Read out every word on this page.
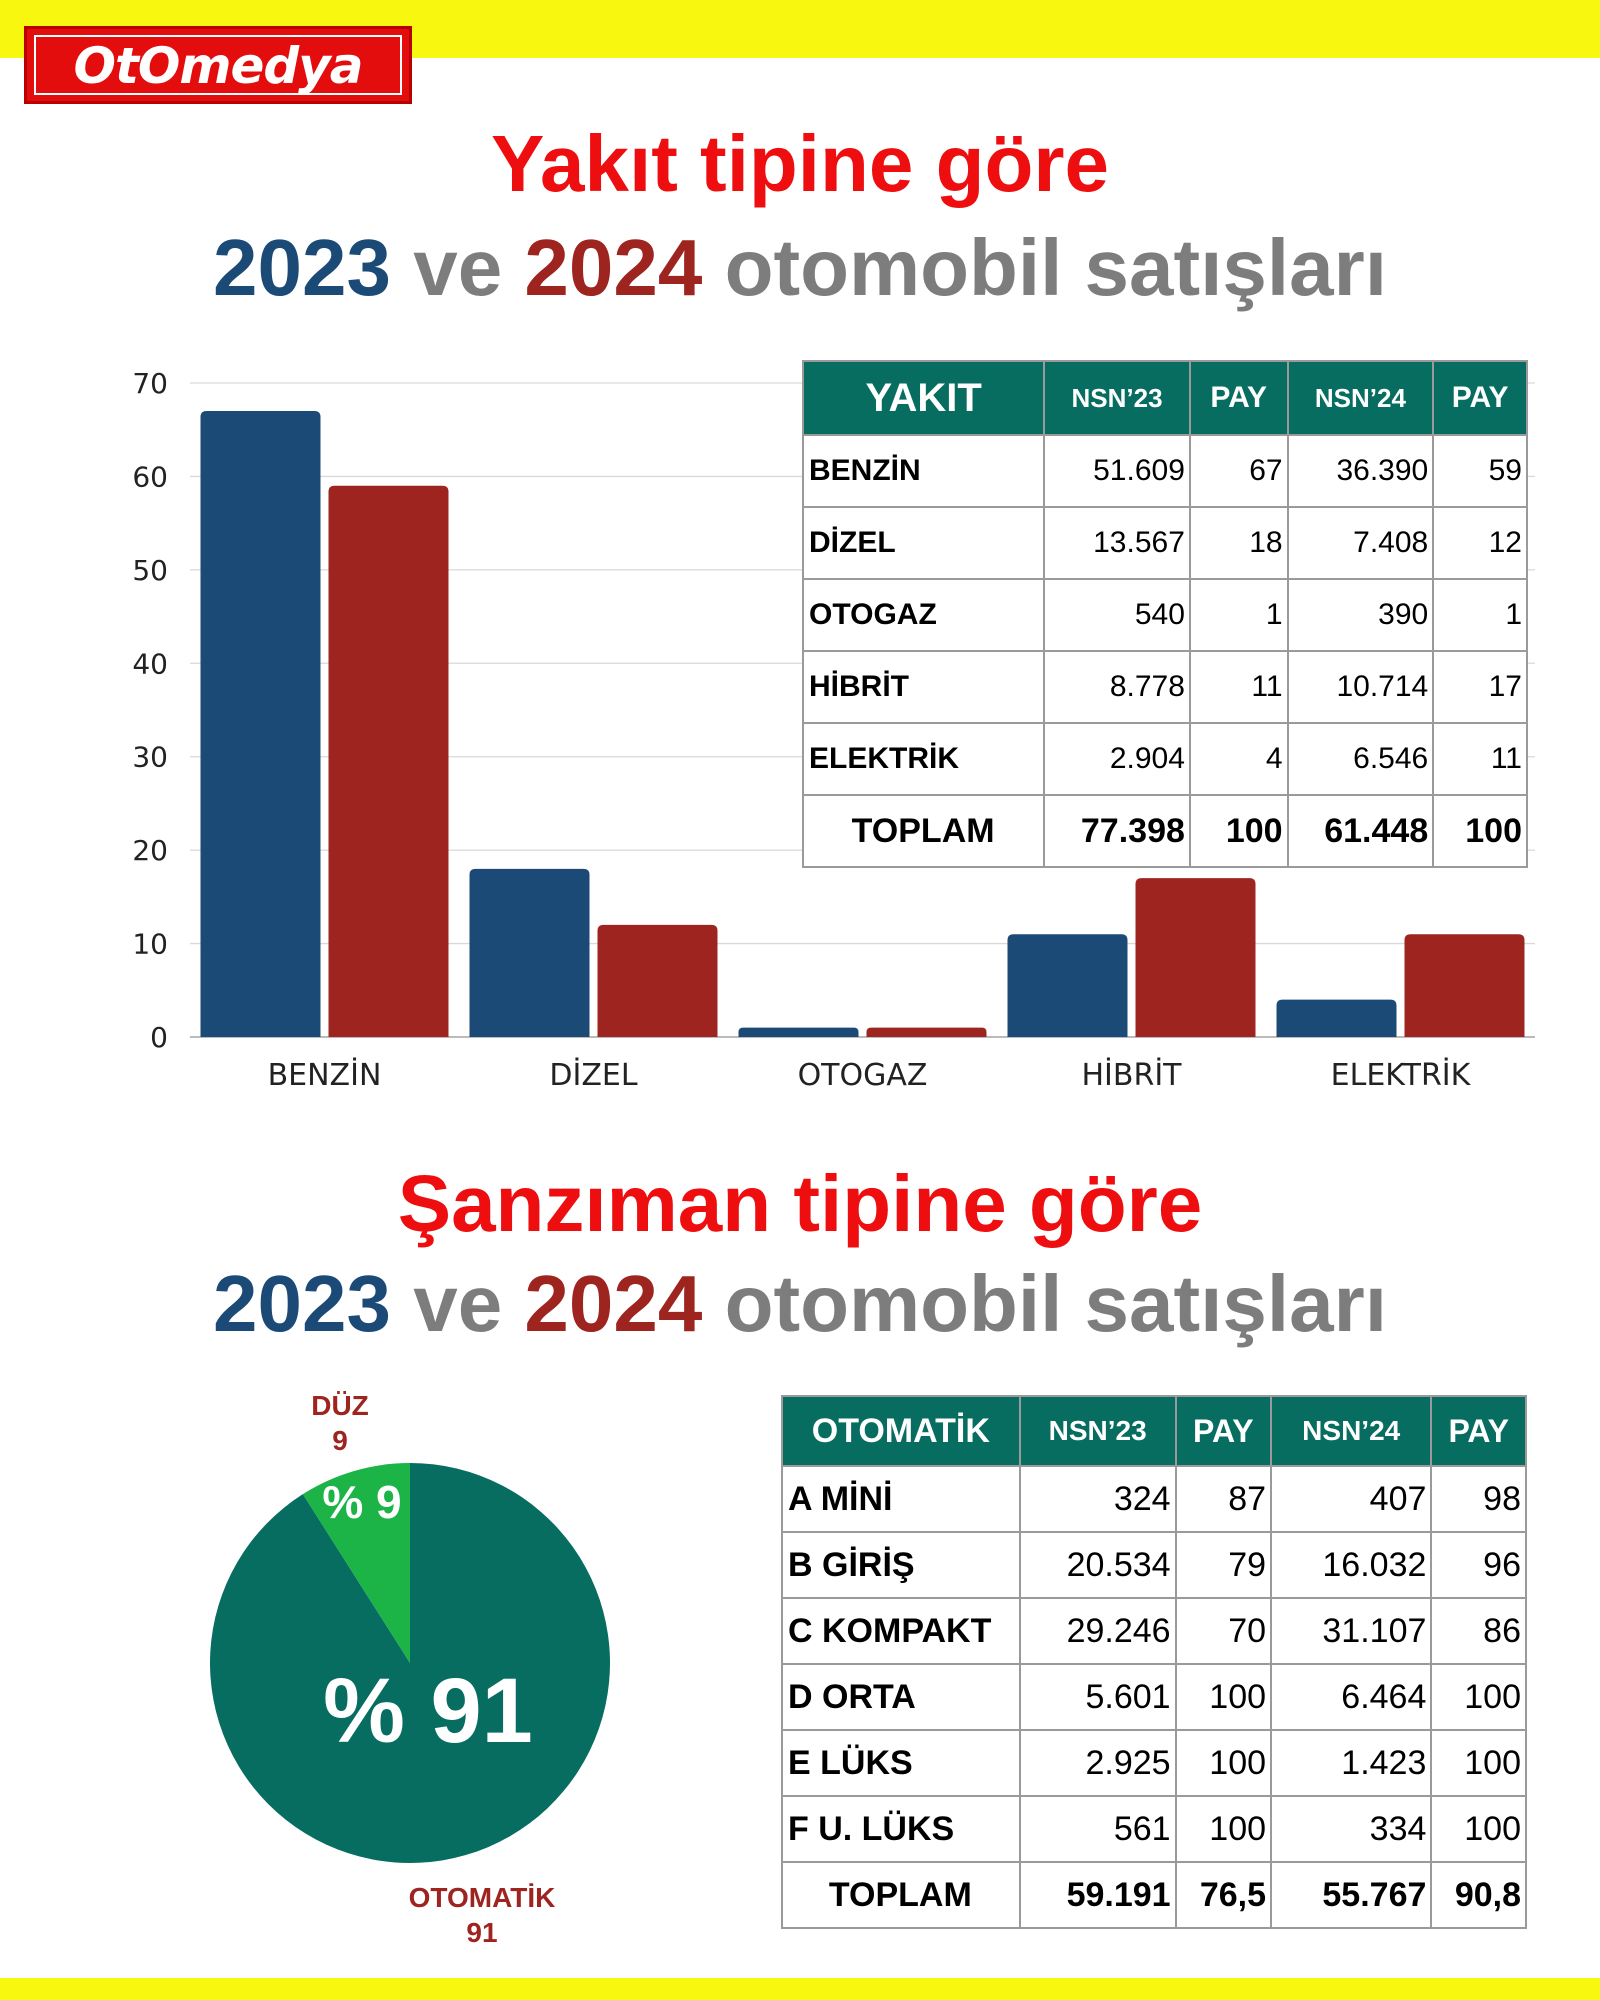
OtOmedya
Yakıt tipine göre
2023 ve 2024 otomobil satışları
0
10
20
30
40
50
60
70
BENZİN	DİZEL	OTOGAZ	HİBRİT	ELEKTRİK
YAKIT	NSN’23	PAY	NSN’24	PAY
BENZİN	51.609	67	36.390	59
DİZEL	13.567	18	7.408	12
OTOGAZ	540	1	390	1
HİBRİT	8.778	11	10.714	17
ELEKTRİK	2.904	4	6.546	11
TOPLAM	77.398	100	61.448	100
Şanzıman tipine göre
2023 ve 2024 otomobil satışları
% 91
% 9
DÜZ
9
OTOMATİK
91
OTOMATİK	NSN’23	PAY	NSN’24	PAY
A MİNİ	324	87	407	98
B GİRİŞ	20.534	79	16.032	96
C KOMPAKT	29.246	70	31.107	86
D ORTA	5.601	100	6.464	100
E LÜKS	2.925	100	1.423	100
F U. LÜKS	561	100	334	100
TOPLAM	59.191	76,5	55.767	90,8
